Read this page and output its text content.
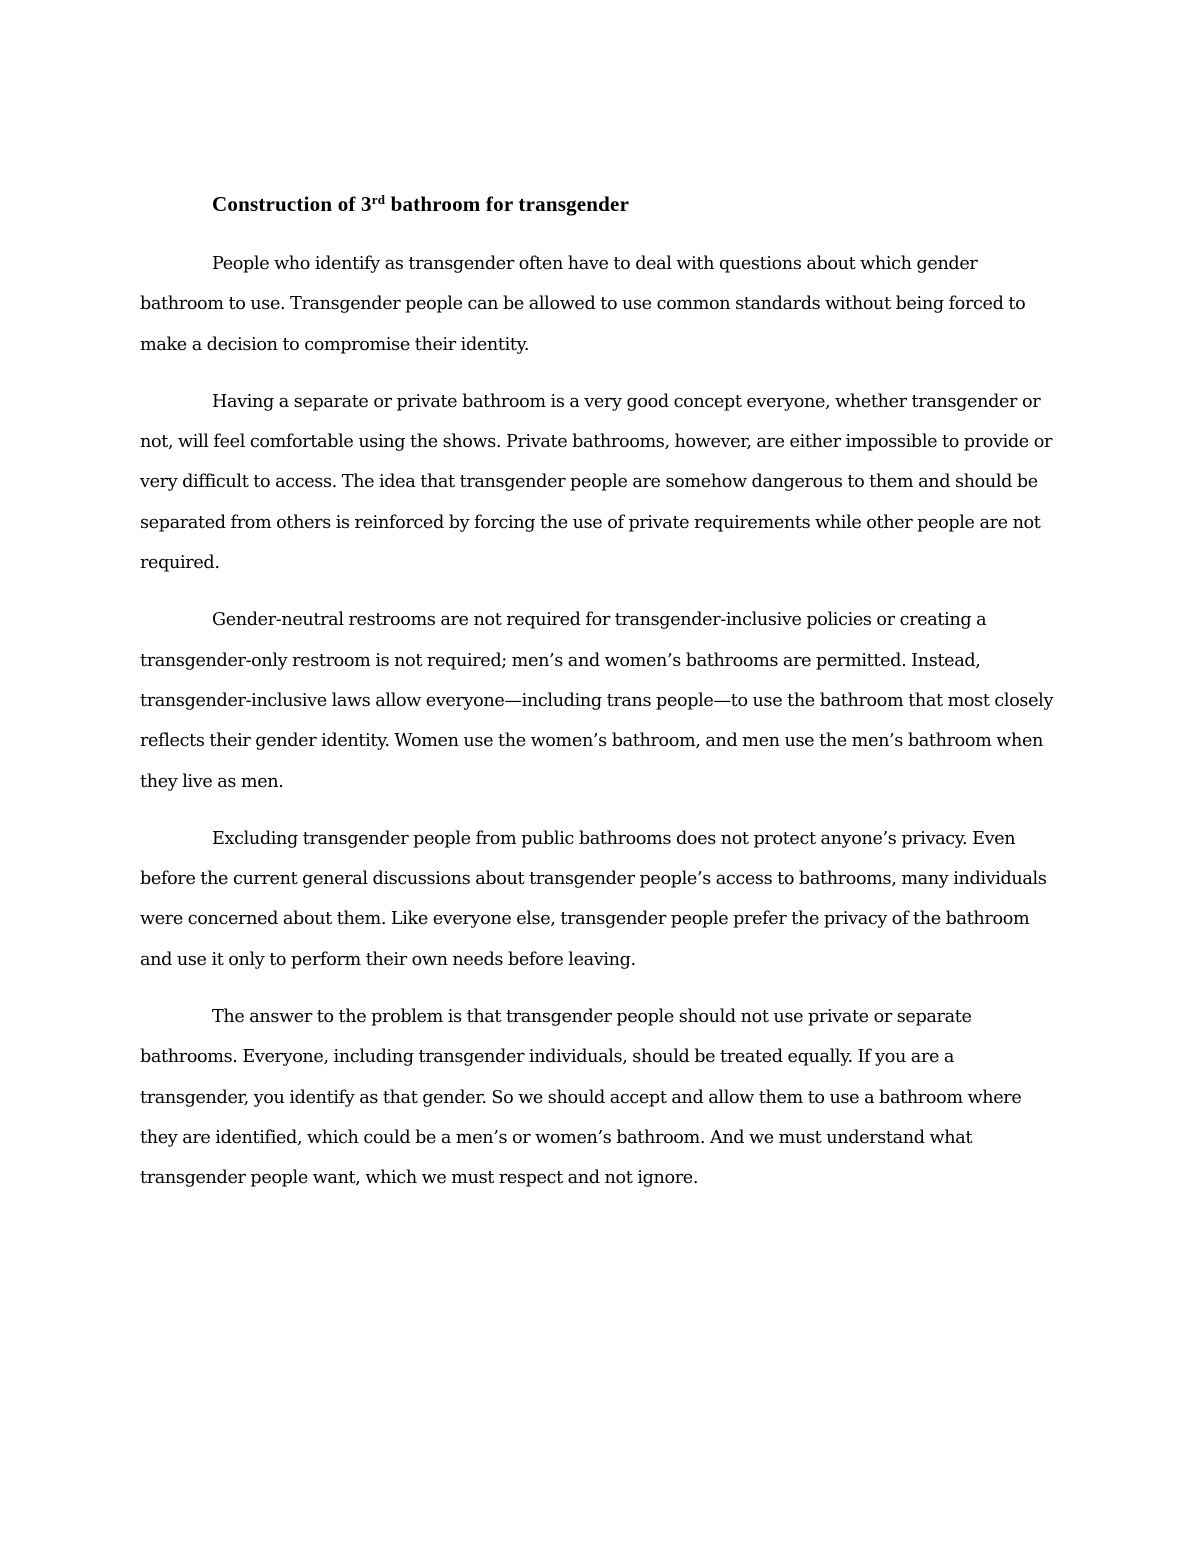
Construction of 3rd bathroom for transgender

People who identify as transgender often have to deal with questions about which gender bathroom to use. Transgender people can be allowed to use common standards without being forced to make a decision to compromise their identity.

Having a separate or private bathroom is a very good concept everyone, whether transgender or not, will feel comfortable using the shows. Private bathrooms, however, are either impossible to provide or very difficult to access. The idea that transgender people are somehow dangerous to them and should be separated from others is reinforced by forcing the use of private requirements while other people are not required.

Gender-neutral restrooms are not required for transgender-inclusive policies or creating a transgender-only restroom is not required; men’s and women’s bathrooms are permitted. Instead, transgender-inclusive laws allow everyone—including trans people—to use the bathroom that most closely reflects their gender identity. Women use the women’s bathroom, and men use the men’s bathroom when they live as men.

Excluding transgender people from public bathrooms does not protect anyone’s privacy. Even before the current general discussions about transgender people’s access to bathrooms, many individuals were concerned about them. Like everyone else, transgender people prefer the privacy of the bathroom and use it only to perform their own needs before leaving.

The answer to the problem is that transgender people should not use private or separate bathrooms. Everyone, including transgender individuals, should be treated equally. If you are a transgender, you identify as that gender. So we should accept and allow them to use a bathroom where they are identified, which could be a men’s or women’s bathroom. And we must understand what transgender people want, which we must respect and not ignore.
